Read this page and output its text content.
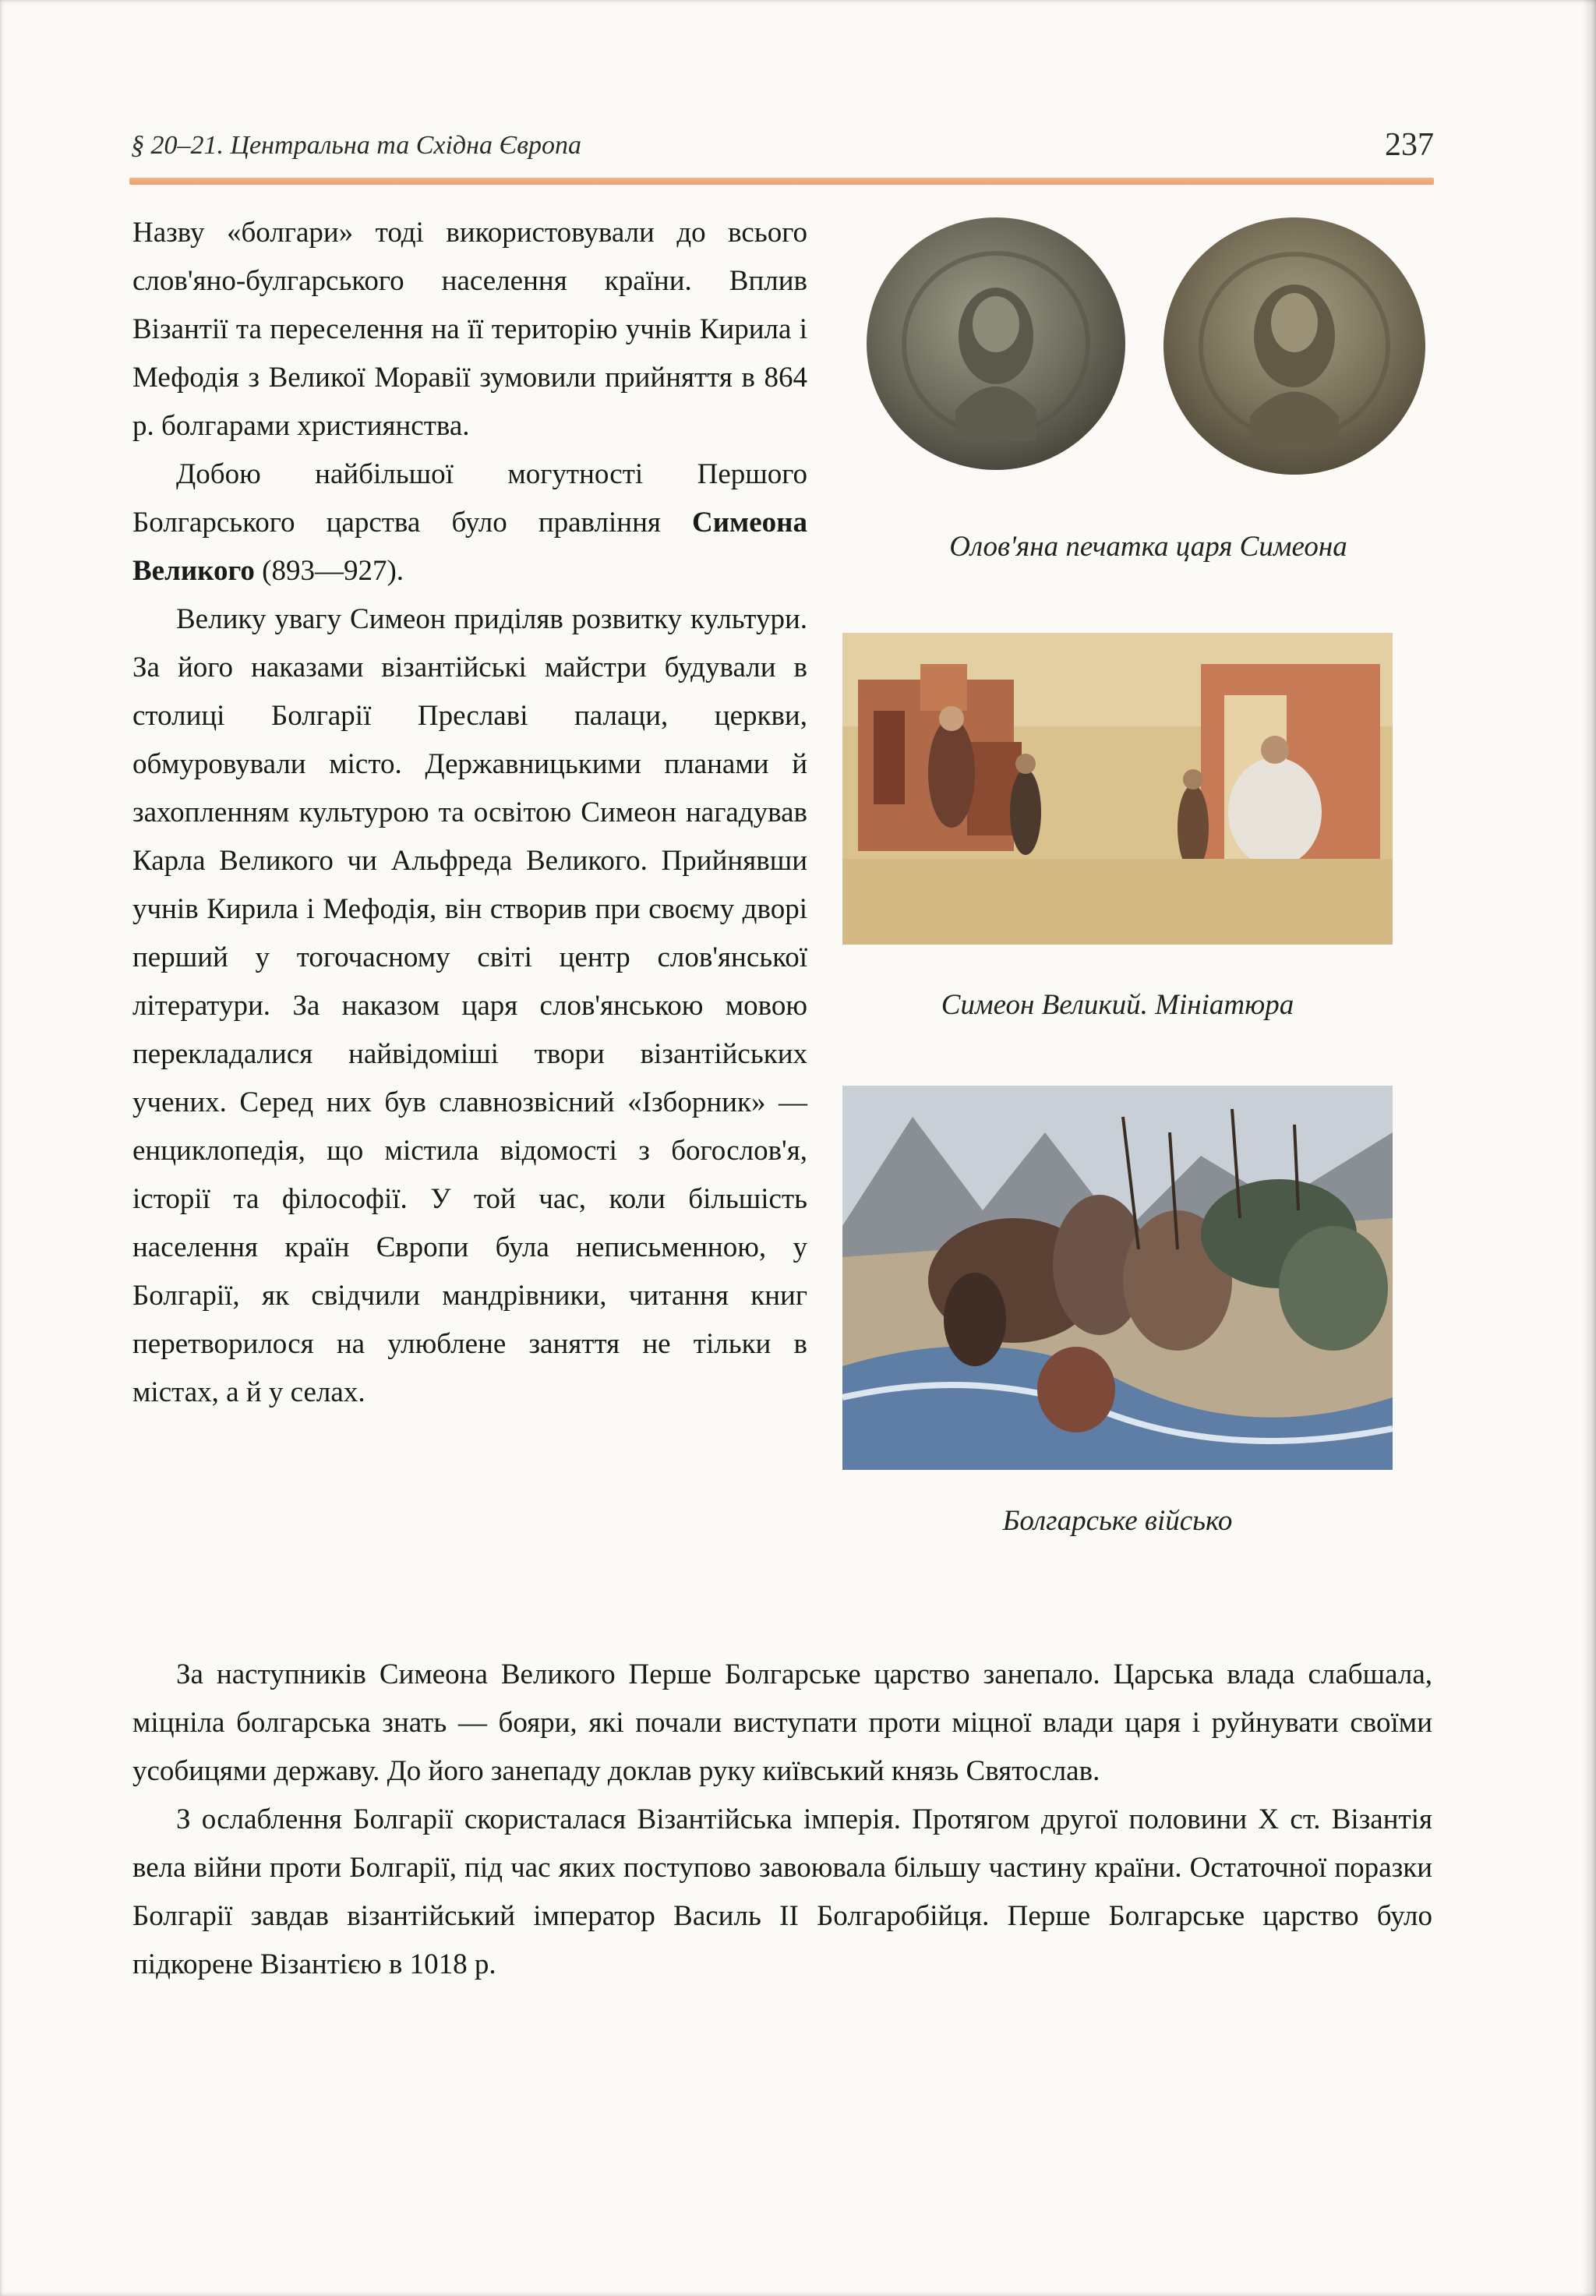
§ 20–21. Центральна та Східна Європа	237

Назву «болгари» тоді використовували до всього слов'яно-булгарського населення країни. Вплив Візантії та переселення на її територію учнів Кирила і Мефодія з Великої Моравії зумовили прийняття в 864 р. болгарами християнства.

Добою найбільшої могутності Першого Болгарського царства було правління Симеона Великого (893—927).

Велику увагу Симеон приділяв розвитку культури. За його наказами візантійські майстри будували в столиці Болгарії Преславі палаци, церкви, обмуровували місто. Державницькими планами й захопленням культурою та освітою Симеон нагадував Карла Великого чи Альфреда Великого. Прийнявши учнів Кирила і Мефодія, він створив при своєму дворі перший у тогочасному світі центр слов'янської літератури. За наказом царя слов'янською мовою перекладалися найвідоміші твори візантійських учених. Серед них був славнозвісний «Ізборник» — енциклопедія, що містила відомості з богослов'я, історії та філософії. У той час, коли більшість населення країн Європи була неписьменною, у Болгарії, як свідчили мандрівники, читання книг перетворилося на улюблене заняття не тільки в містах, а й у селах.

Олов'яна печатка царя Симеона
Симеон Великий. Мініатюра
Болгарське військо

За наступників Симеона Великого Перше Болгарське царство занепало. Царська влада слабшала, міцніла болгарська знать — бояри, які почали виступати проти міцної влади царя і руйнувати своїми усобицями державу. До його занепаду доклав руку київський князь Святослав.

З ослаблення Болгарії скористалася Візантійська імперія. Протягом другої половини X ст. Візантія вела війни проти Болгарії, під час яких поступово завоювала більшу частину країни. Остаточної поразки Болгарії завдав візантійський імператор Василь II Болгаробійця. Перше Болгарське царство було підкорене Візантією в 1018 р.
